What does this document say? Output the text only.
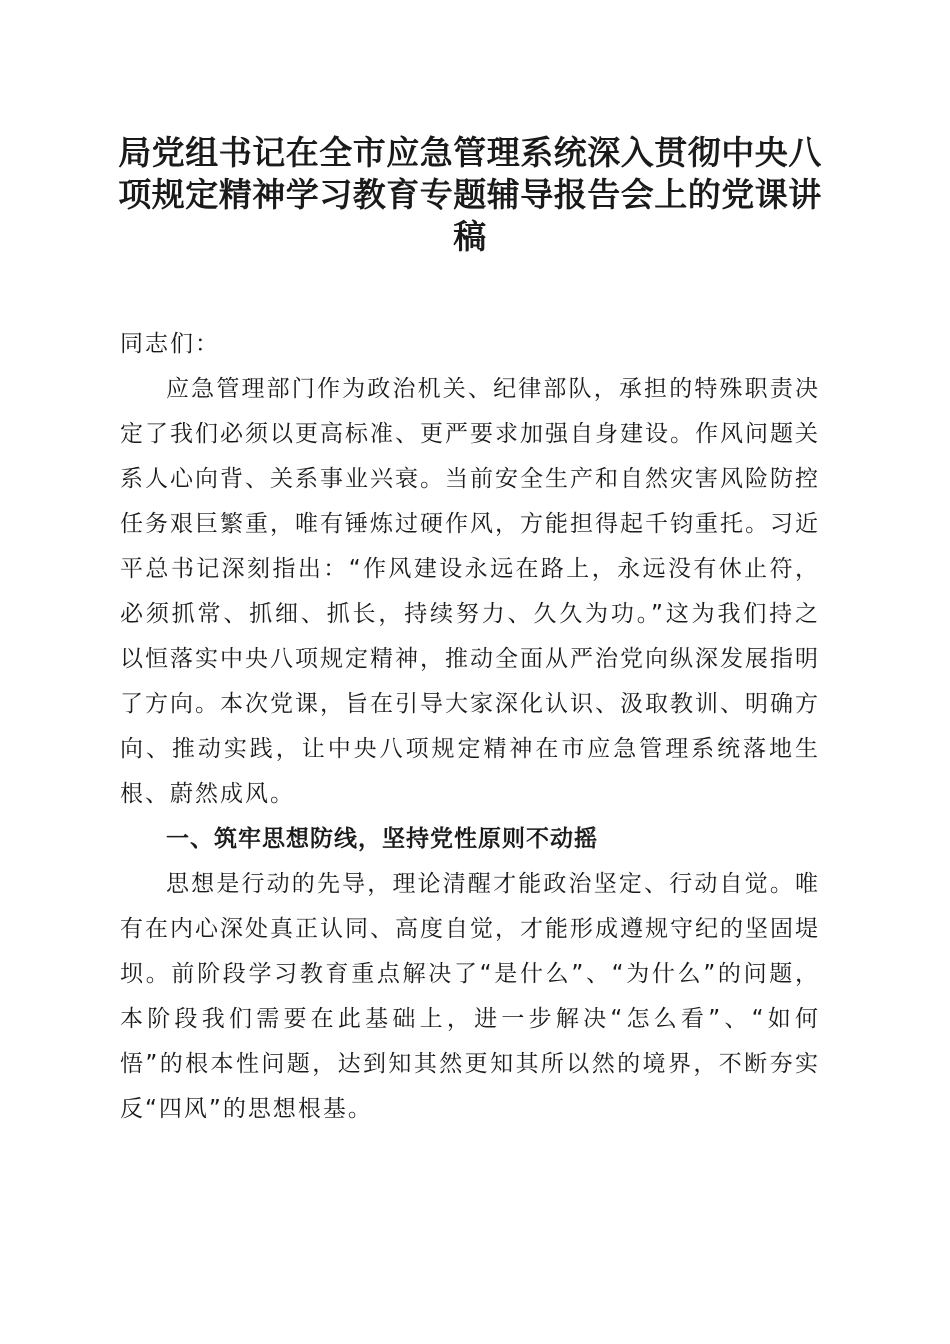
局党组书记在全市应急管理系统深入贯彻中央八项规定精神学习教育专题辅导报告会上的党课讲稿

同志们：

应急管理部门作为政治机关、纪律部队，承担的特殊职责决定了我们必须以更高标准、更严要求加强自身建设。作风问题关系人心向背、关系事业兴衰。当前安全生产和自然灾害风险防控任务艰巨繁重，唯有锤炼过硬作风，方能担得起千钧重托。习近平总书记深刻指出：“作风建设永远在路上，永远没有休止符，必须抓常、抓细、抓长，持续努力、久久为功。”这为我们持之以恒落实中央八项规定精神，推动全面从严治党向纵深发展指明了方向。本次党课，旨在引导大家深化认识、汲取教训、明确方向、推动实践，让中央八项规定精神在市应急管理系统落地生根、蔚然成风。

一、筑牢思想防线，坚持党性原则不动摇

思想是行动的先导，理论清醒才能政治坚定、行动自觉。唯有在内心深处真正认同、高度自觉，才能形成遵规守纪的坚固堤坝。前阶段学习教育重点解决了“是什么”、“为什么”的问题，本阶段我们需要在此基础上，进一步解决“怎么看”、“如何悟”的根本性问题，达到知其然更知其所以然的境界，不断夯实反“四风”的思想根基。
